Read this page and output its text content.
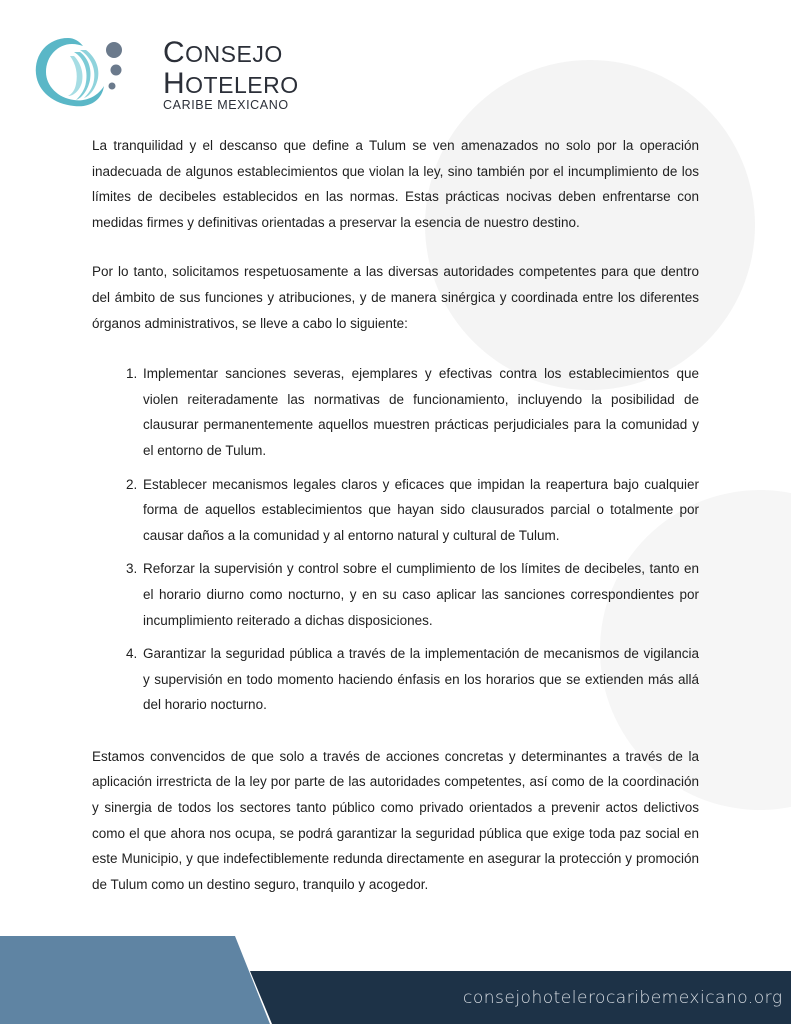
CONSEJO
HOTELERO
CARIBE MEXICANO

La tranquilidad y el descanso que define a Tulum se ven amenazados no solo por la operación inadecuada de algunos establecimientos que violan la ley, sino también por el incumplimiento de los límites de decibeles establecidos en las normas. Estas prácticas nocivas deben enfrentarse con medidas firmes y definitivas orientadas a preservar la esencia de nuestro destino.

Por lo tanto, solicitamos respetuosamente a las diversas autoridades competentes para que dentro del ámbito de sus funciones y atribuciones, y de manera sinérgica y coordinada entre los diferentes órganos administrativos, se lleve a cabo lo siguiente:

1. Implementar sanciones severas, ejemplares y efectivas contra los establecimientos que violen reiteradamente las normativas de funcionamiento, incluyendo la posibilidad de clausurar permanentemente aquellos muestren prácticas perjudiciales para la comunidad y el entorno de Tulum.
2. Establecer mecanismos legales claros y eficaces que impidan la reapertura bajo cualquier forma de aquellos establecimientos que hayan sido clausurados parcial o totalmente por causar daños a la comunidad y al entorno natural y cultural de Tulum.
3. Reforzar la supervisión y control sobre el cumplimiento de los límites de decibeles, tanto en el horario diurno como nocturno, y en su caso aplicar las sanciones correspondientes por incumplimiento reiterado a dichas disposiciones.
4. Garantizar la seguridad pública a través de la implementación de mecanismos de vigilancia y supervisión en todo momento haciendo énfasis en los horarios que se extienden más allá del horario nocturno.

Estamos convencidos de que solo a través de acciones concretas y determinantes a través de la aplicación irrestricta de la ley por parte de las autoridades competentes, así como de la coordinación y sinergia de todos los sectores tanto público como privado orientados a prevenir actos delictivos como el que ahora nos ocupa, se podrá garantizar la seguridad pública que exige toda paz social en este Municipio, y que indefectiblemente redunda directamente en asegurar la protección y promoción de Tulum como un destino seguro, tranquilo y acogedor.

consejohotelerocaribemexicano.org
